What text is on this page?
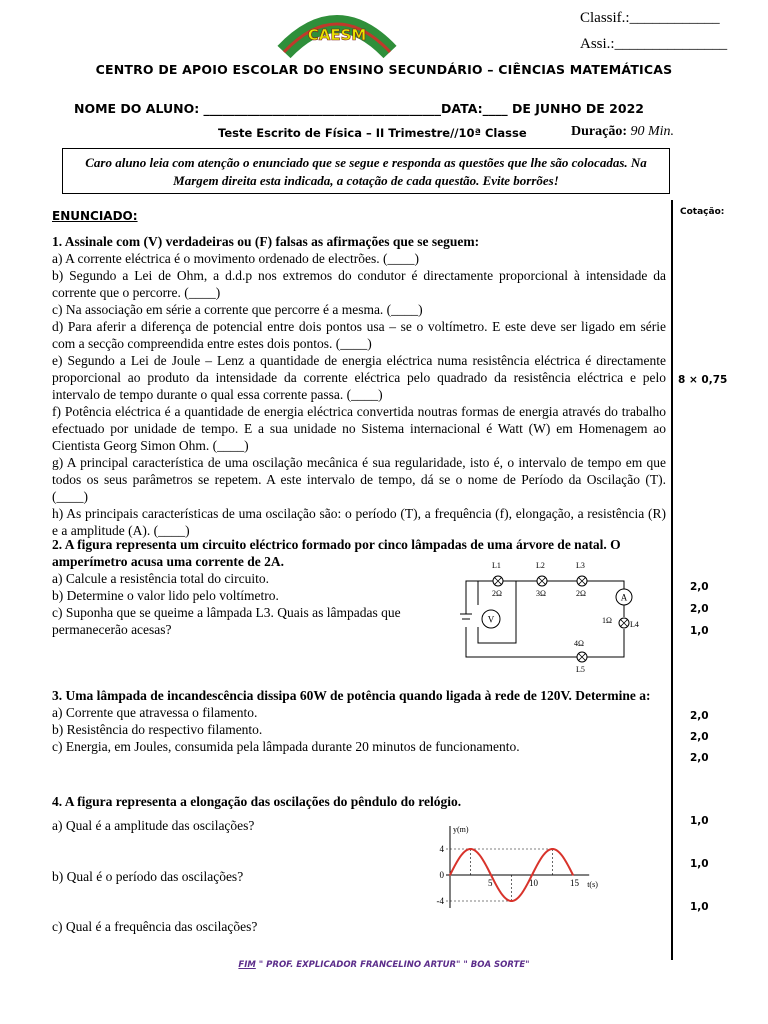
CAESM
Classif.:____________
Assi.:_______________
CENTRO DE APOIO ESCOLAR DO ENSINO SECUNDÁRIO – CIÊNCIAS MATEMÁTICAS
NOME DO ALUNO: ______________________________________DATA:____ DE JUNHO DE 2022
Teste Escrito de Física – II Trimestre//10ª Classe	Duração: 90 Min.
Caro aluno leia com atenção o enunciado que se segue e responda as questões que lhe são colocadas. Na Margem direita esta indicada, a cotação de cada questão. Evite borrões!
Cotação:
ENUNCIADO:

1. Assinale com (V) verdadeiras ou (F) falsas as afirmações que se seguem:

a) A corrente eléctrica é o movimento ordenado de electrões. (____)

b) Segundo a Lei de Ohm, a d.d.p nos extremos do condutor é directamente proporcional à intensidade da corrente que o percorre. (____)

c) Na associação em série a corrente que percorre é a mesma. (____)

d) Para aferir a diferença de potencial entre dois pontos usa – se o voltímetro. E este deve ser ligado em série com a secção compreendida entre estes dois pontos. (____)

e) Segundo a Lei de Joule – Lenz a quantidade de energia eléctrica numa resistência eléctrica é directamente proporcional ao produto da intensidade da corrente eléctrica pelo quadrado da resistência eléctrica e pelo intervalo de tempo durante o qual essa corrente passa. (____)

f) Potência eléctrica é a quantidade de energia eléctrica convertida noutras formas de energia através do trabalho efectuado por unidade de tempo. E a sua unidade no Sistema internacional é Watt (W) em Homenagem ao Cientista Georg Simon Ohm. (____)

g) A principal característica de uma oscilação mecânica é sua regularidade, isto é, o intervalo de tempo em que todos os seus parâmetros se repetem. A este intervalo de tempo, dá se o nome de Período da Oscilação (T). (____)

h) As principais características de uma oscilação são: o período (T), a frequência (f), elongação, a resistência (R) e a amplitude (A). (____)

8 × 0,75

2. A figura representa um circuito eléctrico formado por cinco lâmpadas de uma árvore de natal. O amperímetro acusa uma corrente de 2A.

a) Calcule a resistência total do circuito.

b) Determine o valor lido pelo voltímetro.

c) Suponha que se queime a lâmpada L3. Quais as lâmpadas que permanecerão acesas?

A
V
L1	L2	L3
L4
L5
2Ω	3Ω	2Ω
1Ω
4Ω
2,0
2,0
1,0

3. Uma lâmpada de incandescência dissipa 60W de potência quando ligada à rede de 120V. Determine a:

a) Corrente que atravessa o filamento.

b) Resistência do respectivo filamento.

c) Energia, em Joules, consumida pela lâmpada durante 20 minutos de funcionamento.

2,0
2,0
2,0
4. A figura representa a elongação das oscilações do pêndulo do relógio.
a) Qual é a amplitude das oscilações?
b) Qual é o período das oscilações?
c) Qual é a frequência das oscilações?
1,0
1,0
1,0
5	10	15
4
0
-4
y(m)
t(s)
FIM " PROF. EXPLICADOR FRANCELINO ARTUR" " BOA SORTE"
